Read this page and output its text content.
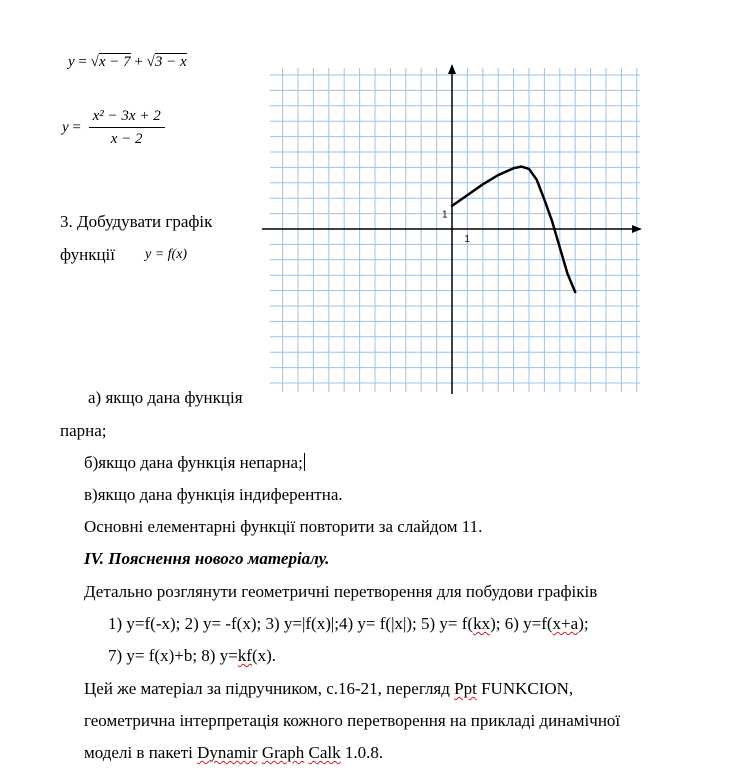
y = √x − 7 + √3 − x
$y = \frac{\text{x² − 3x + 2}}{x - 2}$
3. Добудувати графік
функції y = f(x)
1
1
а) якщо дана функція
парна;
б)якщо дана функція непарна;
в)якщо дана функція індиферентна.
Основні елементарні функції повторити за слайдом 11.
IV. Пояснення нового матеріалу.
Детально розглянути геометричні перетворення для побудови графіків
1) y=f(-x); 2) y= -f(x); 3) y=|f(x)|;4) y= f(|x|); 5) y= f(kx); 6) y=f(x+a);
7) y= f(x)+b; 8) y=kf(x).
Цей же матеріал за підручником, с.16-21, перегляд Ppt FUNKCION,
геометрична інтерпретація кожного перетворення на прикладі динамічної
моделі в пакеті Dynamir Graph Calk 1.0.8.
